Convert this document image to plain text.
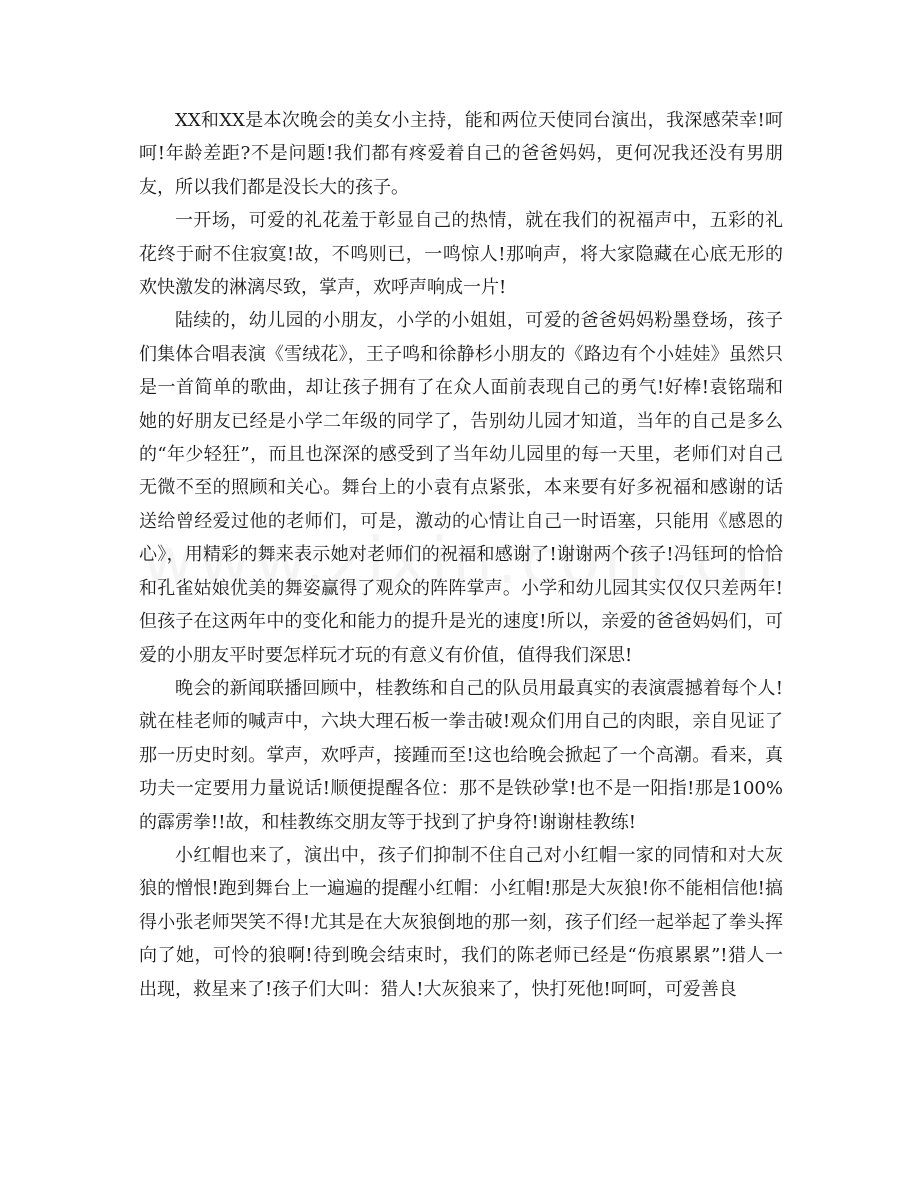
XX和XX是本次晚会的美女小主持，能和两位天使同台演出，我深感荣幸!呵呵!年龄差距?不是问题!我们都有疼爱着自己的爸爸妈妈，更何况我还没有男朋友，所以我们都是没长大的孩子。

一开场，可爱的礼花羞于彰显自己的热情，就在我们的祝福声中，五彩的礼花终于耐不住寂寞!故，不鸣则已，一鸣惊人!那响声，将大家隐藏在心底无形的欢快激发的淋漓尽致，掌声，欢呼声响成一片!

陆续的，幼儿园的小朋友，小学的小姐姐，可爱的爸爸妈妈粉墨登场，孩子们集体合唱表演《雪绒花》，王子鸣和徐静杉小朋友的《路边有个小娃娃》虽然只是一首简单的歌曲，却让孩子拥有了在众人面前表现自己的勇气!好棒!袁铭瑞和她的好朋友已经是小学二年级的同学了，告别幼儿园才知道，当年的自己是多么的“年少轻狂”，而且也深深的感受到了当年幼儿园里的每一天里，老师们对自己无微不至的照顾和关心。舞台上的小袁有点紧张，本来要有好多祝福和感谢的话送给曾经爱过他的老师们，可是，激动的心情让自己一时语塞，只能用《感恩的心》，用精彩的舞来表示她对老师们的祝福和感谢了!谢谢两个孩子!冯钰珂的恰恰和孔雀姑娘优美的舞姿赢得了观众的阵阵掌声。小学和幼儿园其实仅仅只差两年!但孩子在这两年中的变化和能力的提升是光的速度!所以，亲爱的爸爸妈妈们，可爱的小朋友平时要怎样玩才玩的有意义有价值，值得我们深思!

晚会的新闻联播回顾中，桂教练和自己的队员用最真实的表演震撼着每个人!就在桂老师的喊声中，六块大理石板一拳击破!观众们用自己的肉眼，亲自见证了那一历史时刻。掌声，欢呼声，接踵而至!这也给晚会掀起了一个高潮。看来，真功夫一定要用力量说话!顺便提醒各位：那不是铁砂掌!也不是一阳指!那是100%的霹雳拳!!故，和桂教练交朋友等于找到了护身符!谢谢桂教练!

小红帽也来了，演出中，孩子们抑制不住自己对小红帽一家的同情和对大灰狼的憎恨!跑到舞台上一遍遍的提醒小红帽：小红帽!那是大灰狼!你不能相信他!搞得小张老师哭笑不得!尤其是在大灰狼倒地的那一刻，孩子们经一起举起了拳头挥向了她，可怜的狼啊!待到晚会结束时，我们的陈老师已经是“伤痕累累”!猎人一出现，救星来了!孩子们大叫：猎人!大灰狼来了，快打死他!呵呵，可爱善良
